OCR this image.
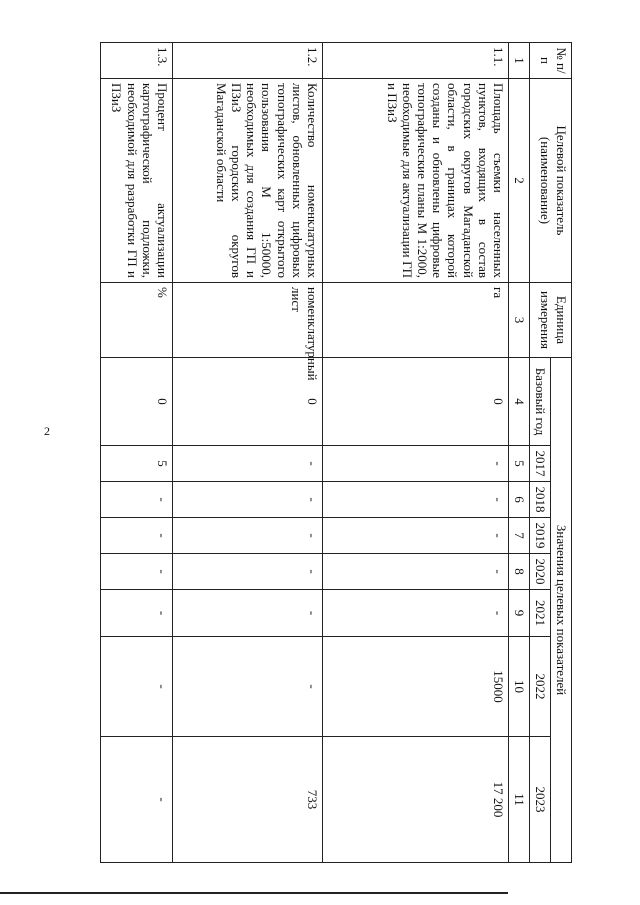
2
№ п/п	Целевой показатель (наименование)	Единица измерения	Значения целевых показателей							
			Базовый год	2017	2018	2019	2020	2021	2022	2023
1	2	3	4	5	6	7	8	9	10	11
1.1.	Площадь съемки населенных пунктов, входящих в состав городских округов Магаданской области, в границах которой созданы и обновлены цифровые топографические планы М 1:2000, необходимые для актуализации ГП и ПЗиЗ	га	0	-	-	-	-	-	15000	17 200
1.2.	Количество номенклатурных листов, обновленных цифровых топографических карт открытого пользования М 1:50000, необходимых для создания ГП и ПЗиЗ городских округов Магаданской области	номенклатурный лист	0	-	-	-	-	-	-	733
1.3.	Процент актуализации картографической подложки, необходимой для разработки ГП и ПЗиЗ	%	0	5	-	-	-	-	-	-
